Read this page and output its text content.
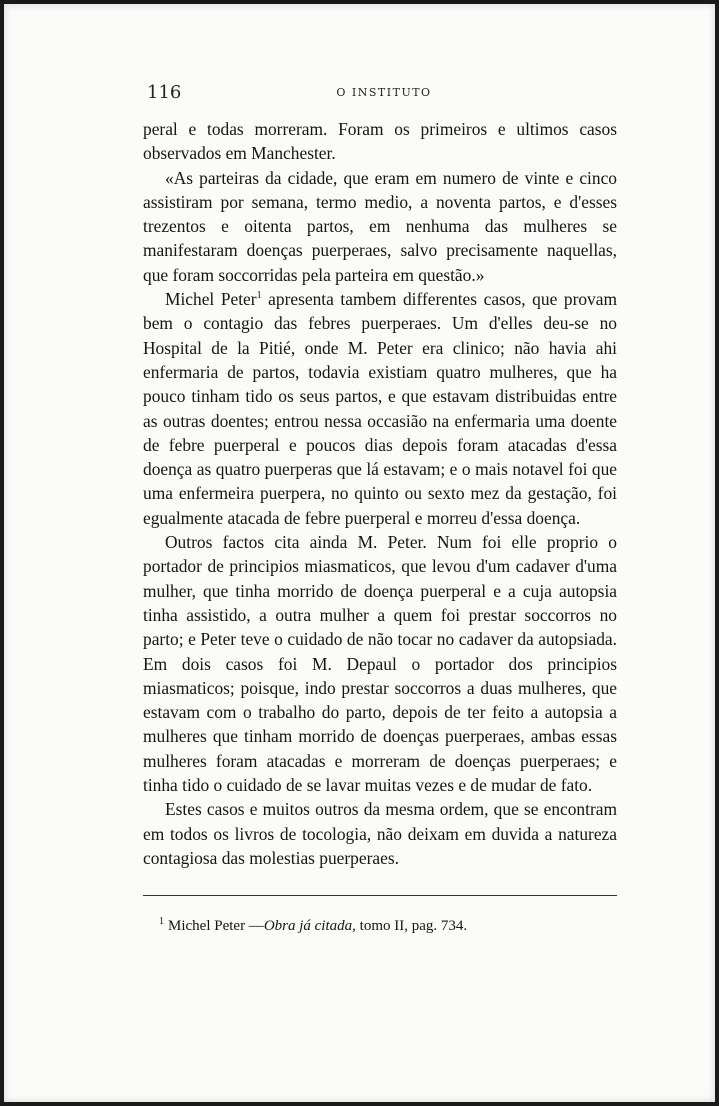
116	O INSTITUTO

peral e todas morreram. Foram os primeiros e ultimos casos observados em Manchester.

«As parteiras da cidade, que eram em numero de vinte e cinco assistiram por semana, termo medio, a noventa partos, e d'esses trezentos e oitenta partos, em nenhuma das mulheres se manifestaram doenças puerperaes, salvo precisamente naquellas, que foram soccorridas pela parteira em questão.»

Michel Peter$^1$ apresenta tambem differentes casos, que provam bem o contagio das febres puerperaes. Um d'elles deu-se no Hospital de la Pitié, onde M. Peter era clinico; não havia ahi enfermaria de partos, todavia existiam quatro mulheres, que ha pouco tinham tido os seus partos, e que estavam distribuidas entre as outras doentes; entrou nessa occasião na enfermaria uma doente de febre puerperal e poucos dias depois foram atacadas d'essa doença as quatro puerperas que lá estavam; e o mais notavel foi que uma enfermeira puerpera, no quinto ou sexto mez da gestação, foi egualmente atacada de febre puerperal e morreu d'essa doença.

Outros factos cita ainda M. Peter. Num foi elle proprio o portador de principios miasmaticos, que levou d'um cadaver d'uma mulher, que tinha morrido de doença puerperal e a cuja autopsia tinha assistido, a outra mulher a quem foi prestar soccorros no parto; e Peter teve o cuidado de não tocar no cadaver da autopsiada. Em dois casos foi M. Depaul o portador dos principios miasmaticos; poisque, indo prestar soccorros a duas mulheres, que estavam com o trabalho do parto, depois de ter feito a autopsia a mulheres que tinham morrido de doenças puerperaes, ambas essas mulheres foram atacadas e morreram de doenças puerperaes; e tinha tido o cuidado de se lavar muitas vezes e de mudar de fato.

Estes casos e muitos outros da mesma ordem, que se encontram em todos os livros de tocologia, não deixam em duvida a natureza contagiosa das molestias puerperaes.

$^1$ Michel Peter —Obra já citada, tomo II, pag. 734.
